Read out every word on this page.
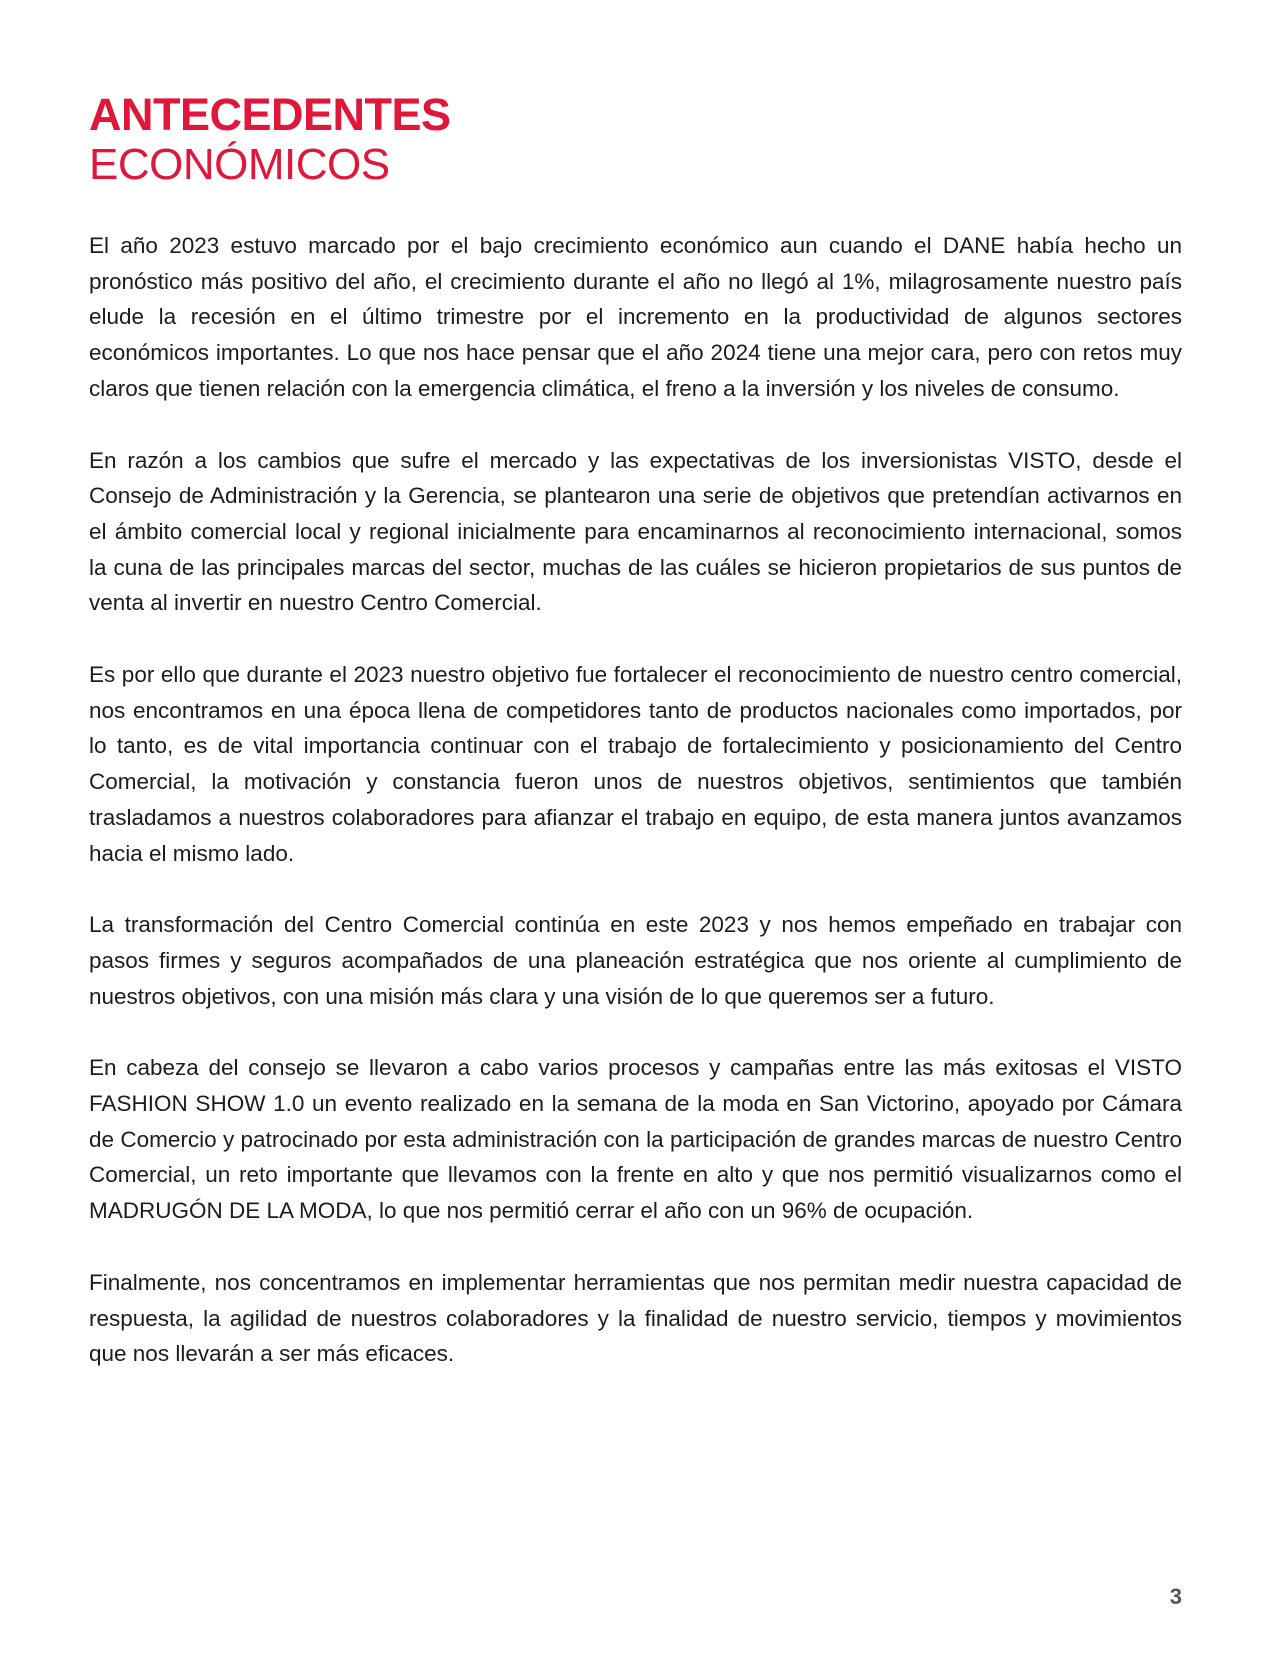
ANTECEDENTES
ECONÓMICOS

El año 2023 estuvo marcado por el bajo crecimiento económico aun cuando el DANE había hecho un pronóstico más positivo del año, el crecimiento durante el año no llegó al 1%, milagrosamente nuestro país elude la recesión en el último trimestre por el incremento en la productividad de algunos sectores económicos importantes. Lo que nos hace pensar que el año 2024 tiene una mejor cara, pero con retos muy claros que tienen relación con la emergencia climática, el freno a la inversión y los niveles de consumo.

En razón a los cambios que sufre el mercado y las expectativas de los inversionistas VISTO, desde el Consejo de Administración y la Gerencia, se plantearon una serie de objetivos que pretendían activarnos en el ámbito comercial local y regional inicialmente para encaminarnos al reconocimiento internacional, somos la cuna de las principales marcas del sector, muchas de las cuáles se hicieron propietarios de sus puntos de venta al invertir en nuestro Centro Comercial.

Es por ello que durante el 2023 nuestro objetivo fue fortalecer el reconocimiento de nuestro centro comercial, nos encontramos en una época llena de competidores tanto de productos nacionales como importados, por lo tanto, es de vital importancia continuar con el trabajo de fortalecimiento y posicionamiento del Centro Comercial, la motivación y constancia fueron unos de nuestros objetivos, sentimientos que también trasladamos a nuestros colaboradores para afianzar el trabajo en equipo, de esta manera juntos avanzamos hacia el mismo lado.

La transformación del Centro Comercial continúa en este 2023 y nos hemos empeñado en trabajar con pasos firmes y seguros acompañados de una planeación estratégica que nos oriente al cumplimiento de nuestros objetivos, con una misión más clara y una visión de lo que queremos ser a futuro.

En cabeza del consejo se llevaron a cabo varios procesos y campañas entre las más exitosas el VISTO FASHION SHOW 1.0 un evento realizado en la semana de la moda en San Victorino, apoyado por Cámara de Comercio y patrocinado por esta administración con la participación de grandes marcas de nuestro Centro Comercial, un reto importante que llevamos con la frente en alto y que nos permitió visualizarnos como el MADRUGÓN DE LA MODA, lo que nos permitió cerrar el año con un 96% de ocupación.

Finalmente, nos concentramos en implementar herramientas que nos permitan medir nuestra capacidad de respuesta, la agilidad de nuestros colaboradores y la finalidad de nuestro servicio, tiempos y movimientos que nos llevarán a ser más eficaces.

3
